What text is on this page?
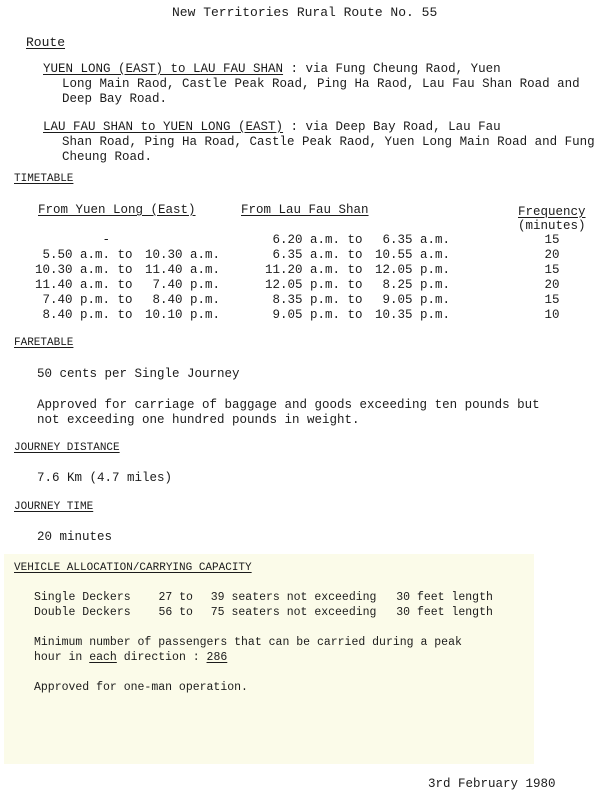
New Territories Rural Route No. 55
Route
YUEN LONG (EAST) to LAU FAU SHAN : via Fung Cheung Raod, Yuen
Long Main Raod, Castle Peak Road, Ping Ha Raod, Lau Fau Shan Road and Deep Bay Road.
LAU FAU SHAN to YUEN LONG (EAST) : via Deep Bay Road, Lau Fau
Shan Road, Ping Ha Road, Castle Peak Raod, Yuen Long Main Road and Fung Cheung Road.
TIMETABLE
From Yuen Long (East)	From Lau Fau Shan	Frequency
(minutes)
-				6.20 a.m.	to	6.35 a.m.		15
5.50 a.m.	to	10.30 a.m.		6.35 a.m.	to	10.55 a.m.		20
10.30 a.m.	to	11.40 a.m.		11.20 a.m.	to	12.05 p.m.		15
11.40 a.m.	to	7.40 p.m.		12.05 p.m.	to	8.25 p.m.		20
7.40 p.m.	to	8.40 p.m.		8.35 p.m.	to	9.05 p.m.		15
8.40 p.m.	to	10.10 p.m.		9.05 p.m.	to	10.35 p.m.		10
FARETABLE
50 cents per Single Journey
Approved for carriage of baggage and goods exceeding ten pounds but not exceeding one hundred pounds in weight.
JOURNEY DISTANCE
7.6 Km (4.7 miles)
JOURNEY TIME
20 minutes
VEHICLE ALLOCATION/CARRYING CAPACITY
Single Deckers 27 to 39 seaters not exceeding 30 feet length
Double Deckers 56 to 75 seaters not exceeding 30 feet length
Minimum number of passengers that can be carried during a peak
hour in each direction : 286
Approved for one-man operation.
3rd February 1980
